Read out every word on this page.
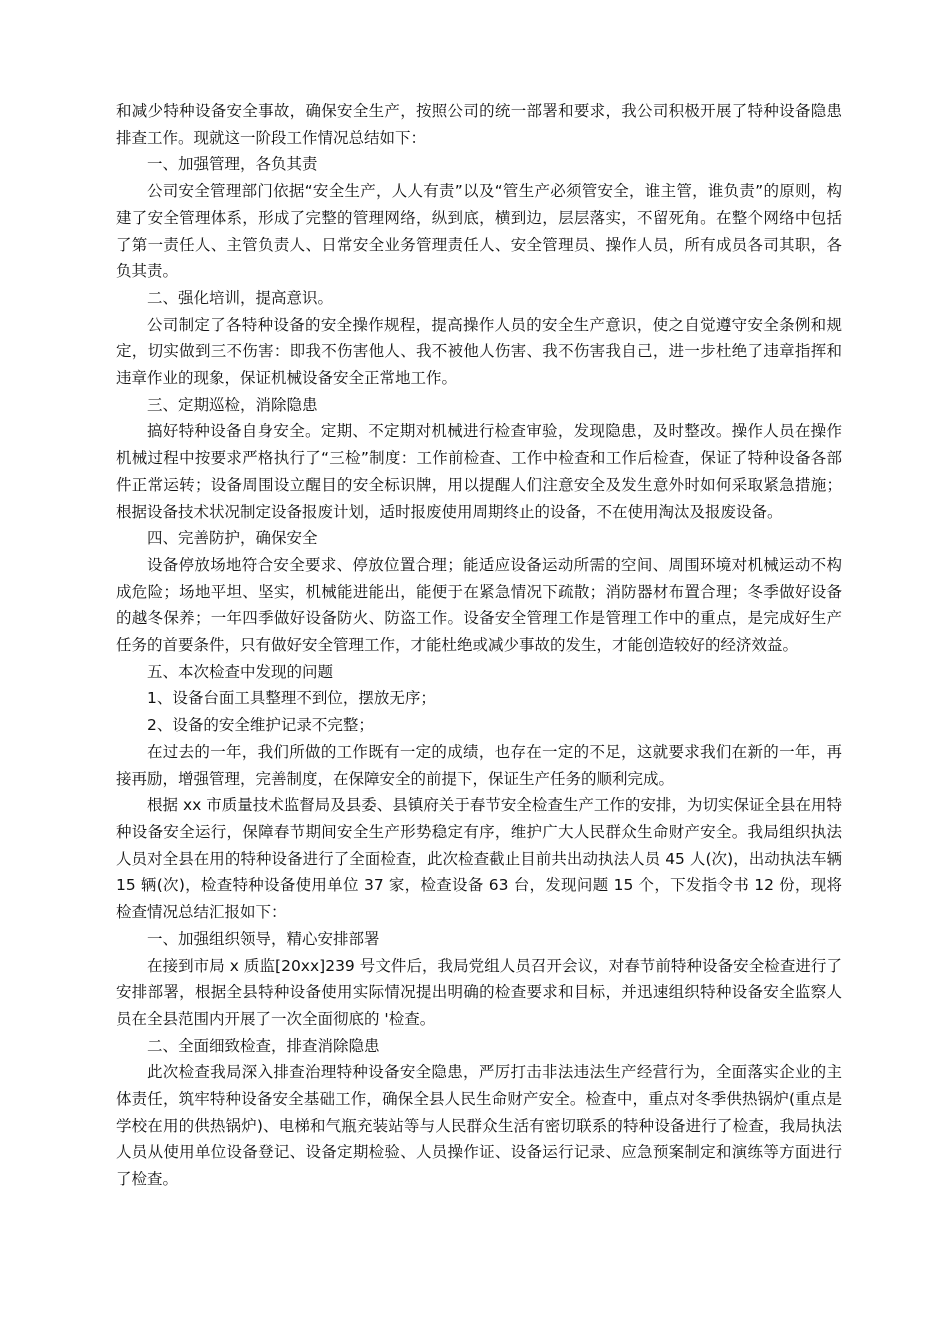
和减少特种设备安全事故，确保安全生产，按照公司的统一部署和要求，我公司积极开展了特种设备隐患排查工作。现就这一阶段工作情况总结如下：

一、加强管理，各负其责

公司安全管理部门依据“安全生产，人人有责”以及“管生产必须管安全，谁主管，谁负责”的原则，构建了安全管理体系，形成了完整的管理网络，纵到底，横到边，层层落实，不留死角。在整个网络中包括了第一责任人、主管负责人、日常安全业务管理责任人、安全管理员、操作人员，所有成员各司其职，各负其责。

二、强化培训，提高意识。

公司制定了各特种设备的安全操作规程，提高操作人员的安全生产意识，使之自觉遵守安全条例和规定，切实做到三不伤害：即我不伤害他人、我不被他人伤害、我不伤害我自己，进一步杜绝了违章指挥和违章作业的现象，保证机械设备安全正常地工作。

三、定期巡检，消除隐患

搞好特种设备自身安全。定期、不定期对机械进行检查审验，发现隐患，及时整改。操作人员在操作机械过程中按要求严格执行了“三检”制度：工作前检查、工作中检查和工作后检查，保证了特种设备各部件正常运转；设备周围设立醒目的安全标识牌，用以提醒人们注意安全及发生意外时如何采取紧急措施；根据设备技术状况制定设备报废计划，适时报废使用周期终止的设备，不在使用淘汰及报废设备。

四、完善防护，确保安全

设备停放场地符合安全要求、停放位置合理；能适应设备运动所需的空间、周围环境对机械运动不构成危险；场地平坦、坚实，机械能进能出，能便于在紧急情况下疏散；消防器材布置合理；冬季做好设备的越冬保养；一年四季做好设备防火、防盗工作。设备安全管理工作是管理工作中的重点，是完成好生产任务的首要条件，只有做好安全管理工作，才能杜绝或减少事故的发生，才能创造较好的经济效益。

五、本次检查中发现的问题

1、设备台面工具整理不到位，摆放无序；

2、设备的安全维护记录不完整；

在过去的一年，我们所做的工作既有一定的成绩，也存在一定的不足，这就要求我们在新的一年，再接再励，增强管理，完善制度，在保障安全的前提下，保证生产任务的顺利完成。

根据 xx 市质量技术监督局及县委、县镇府关于春节安全检查生产工作的安排，为切实保证全县在用特种设备安全运行，保障春节期间安全生产形势稳定有序，维护广大人民群众生命财产安全。我局组织执法人员对全县在用的特种设备进行了全面检查，此次检查截止目前共出动执法人员 45 人(次)，出动执法车辆 15 辆(次)，检查特种设备使用单位 37 家，检查设备 63 台，发现问题 15 个，下发指令书 12 份，现将检查情况总结汇报如下：

一、加强组织领导，精心安排部署

在接到市局 x 质监[20xx]239 号文件后，我局党组人员召开会议，对春节前特种设备安全检查进行了安排部署，根据全县特种设备使用实际情况提出明确的检查要求和目标，并迅速组织特种设备安全监察人员在全县范围内开展了一次全面彻底的 '检查。

二、全面细致检查，排查消除隐患

此次检查我局深入排查治理特种设备安全隐患，严厉打击非法违法生产经营行为，全面落实企业的主体责任，筑牢特种设备安全基础工作，确保全县人民生命财产安全。检查中，重点对冬季供热锅炉(重点是学校在用的供热锅炉)、电梯和气瓶充装站等与人民群众生活有密切联系的特种设备进行了检查，我局执法人员从使用单位设备登记、设备定期检验、人员操作证、设备运行记录、应急预案制定和演练等方面进行了检查。
